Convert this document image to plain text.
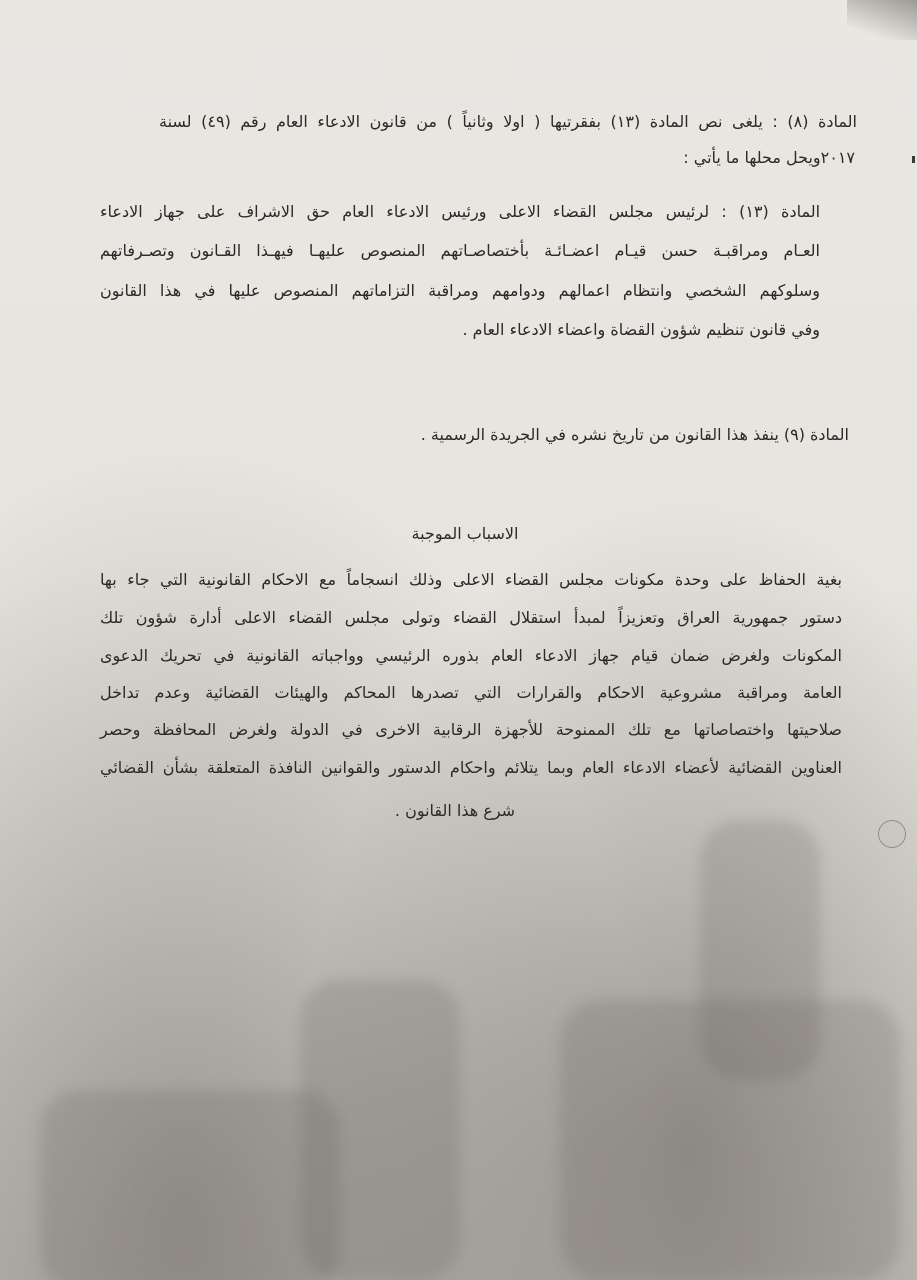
المادة (٨) : يلغى نص المادة (١٣) بفقرتيها ( اولا وثانياً ) من قانون الادعاء العام رقم (٤٩) لسنة
٢٠١٧ويحل محلها ما يأتي :
المادة (١٣) : لرئيس مجلس القضاء الاعلى ورئيس الادعاء العام حق الاشراف على جهاز الادعاء
العـام ومراقبـة حسن قيـام اعضـائـة بأختصاصـاتهم المنصوص عليهـا فيهـذا القـانون وتصـرفاتهم
وسلوكهم الشخصي وانتظام اعمالهم ودوامهم ومراقبة التزاماتهم المنصوص عليها في هذا القانون
وفي قانون تنظيم شؤون القضاة واعضاء الادعاء العام .
المادة (٩) ينفذ هذا القانون من تاريخ نشره في الجريدة الرسمية .
الاسباب الموجبة
بغية الحفاظ على وحدة مكونات مجلس القضاء الاعلى وذلك انسجاماً مع الاحكام القانونية التي جاء بها
دستور جمهورية العراق وتعزيزاً لمبدأ استقلال القضاء وتولى مجلس القضاء الاعلى أدارة شؤون تلك
المكونات ولغرض ضمان قيام جهاز الادعاء العام بذوره الرئيسي وواجباته القانونية في تحريك الدعوى
العامة ومراقبة مشروعية الاحكام والقرارات التي تصدرها المحاكم والهيئات القضائية وعدم تداخل
صلاحيتها واختصاصاتها مع تلك الممنوحة للأجهزة الرقابية الاخرى في الدولة ولغرض المحافظة وحصر
العناوين القضائية لأعضاء الادعاء العام وبما يتلائم واحكام الدستور والقوانين النافذة المتعلقة بشأن القضائي
شرع هذا القانون .
